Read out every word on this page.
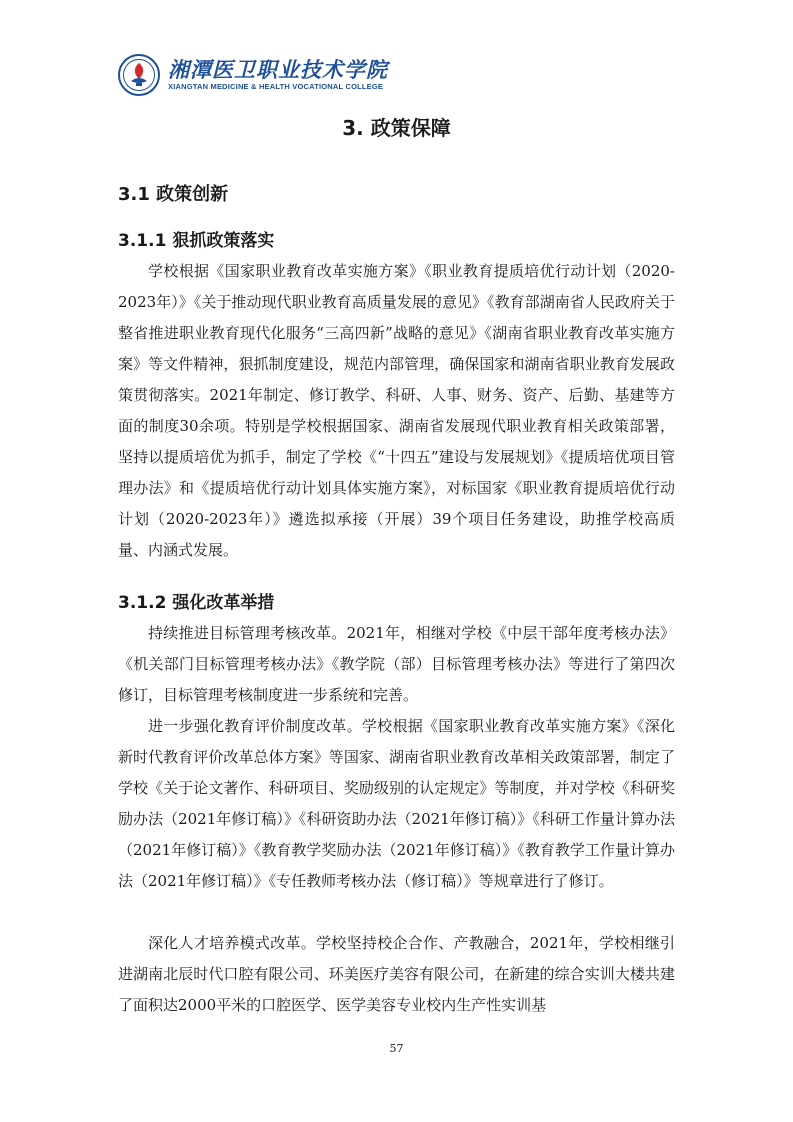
湘潭医卫职业技术学院
XIANGTAN MEDICINE & HEALTH VOCATIONAL COLLEGE
3. 政策保障
3.1 政策创新
3.1.1 狠抓政策落实

学校根据《国家职业教育改革实施方案》《职业教育提质培优行动计划（2020-2023年）》《关于推动现代职业教育高质量发展的意见》《教育部湖南省人民政府关于整省推进职业教育现代化服务“三高四新”战略的意见》《湖南省职业教育改革实施方案》等文件精神，狠抓制度建设，规范内部管理，确保国家和湖南省职业教育发展政策贯彻落实。2021年制定、修订教学、科研、人事、财务、资产、后勤、基建等方面的制度30余项。特别是学校根据国家、湖南省发展现代职业教育相关政策部署，坚持以提质培优为抓手，制定了学校《“十四五”建设与发展规划》《提质培优项目管理办法》和《提质培优行动计划具体实施方案》，对标国家《职业教育提质培优行动计划（2020-2023年）》遴选拟承接（开展）39个项目任务建设，助推学校高质量、内涵式发展。

3.1.2 强化改革举措

持续推进目标管理考核改革。2021年，相继对学校《中层干部年度考核办法》《机关部门目标管理考核办法》《教学院（部）目标管理考核办法》等进行了第四次修订，目标管理考核制度进一步系统和完善。

进一步强化教育评价制度改革。学校根据《国家职业教育改革实施方案》《深化新时代教育评价改革总体方案》等国家、湖南省职业教育改革相关政策部署，制定了学校《关于论文著作、科研项目、奖励级别的认定规定》等制度，并对学校《科研奖励办法（2021年修订稿）》《科研资助办法（2021年修订稿）》《科研工作量计算办法（2021年修订稿）》《教育教学奖励办法（2021年修订稿）》《教育教学工作量计算办法（2021年修订稿）》《专任教师考核办法（修订稿）》等规章进行了修订。

深化人才培养模式改革。学校坚持校企合作、产教融合，2021年，学校相继引进湖南北辰时代口腔有限公司、环美医疗美容有限公司，在新建的综合实训大楼共建了面积达2000平米的口腔医学、医学美容专业校内生产性实训基

57
